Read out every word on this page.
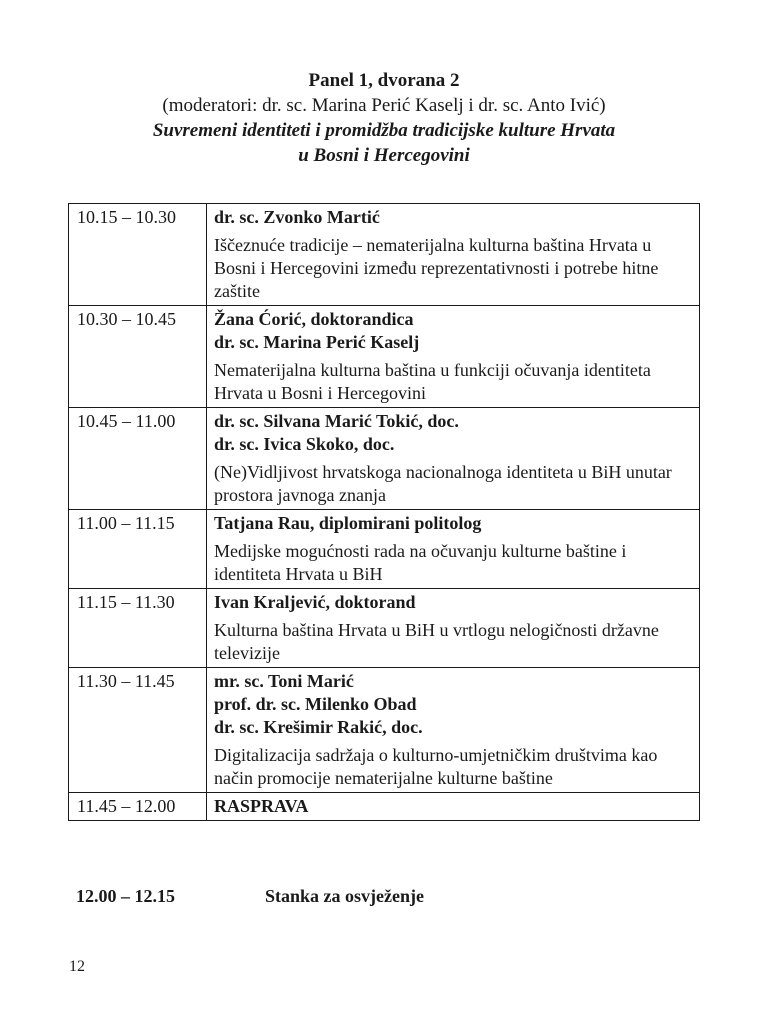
Panel 1, dvorana 2
(moderatori: dr. sc. Marina Perić Kaselj i dr. sc. Anto Ivić)
Suvremeni identiteti i promidžba tradicijske kulture Hrvata
u Bosni i Hercegovini
10.15 – 10.30	dr. sc. Zvonko Martić
Iščeznuće tradicije – nematerijalna kulturna baština Hrvata u Bosni i Hercegovini između reprezentativnosti i potrebe hitne zaštite

10.30 – 10.45	Žana Ćorić, doktorandica
dr. sc. Marina Perić Kaselj
Nematerijalna kulturna baština u funkciji očuvanja identiteta Hrvata u Bosni i Hercegovini

10.45 – 11.00	dr. sc. Silvana Marić Tokić, doc.
dr. sc. Ivica Skoko, doc.
(Ne)Vidljivost hrvatskoga nacionalnoga identiteta u BiH unutar prostora javnoga znanja

11.00 – 11.15	Tatjana Rau, diplomirani politolog
Medijske mogućnosti rada na očuvanju kulturne baštine i identiteta Hrvata u BiH

11.15 – 11.30	Ivan Kraljević, doktorand
Kulturna baština Hrvata u BiH u vrtlogu nelogičnosti državne televizije

11.30 – 11.45	mr. sc. Toni Marić
prof. dr. sc. Milenko Obad
dr. sc. Krešimir Rakić, doc.
Digitalizacija sadržaja o kulturno-umjetničkim društvima kao način promocije nematerijalne kulturne baštine

11.45 – 12.00	RASPRAVA
12.00 – 12.15	Stanka za osvježenje
12
